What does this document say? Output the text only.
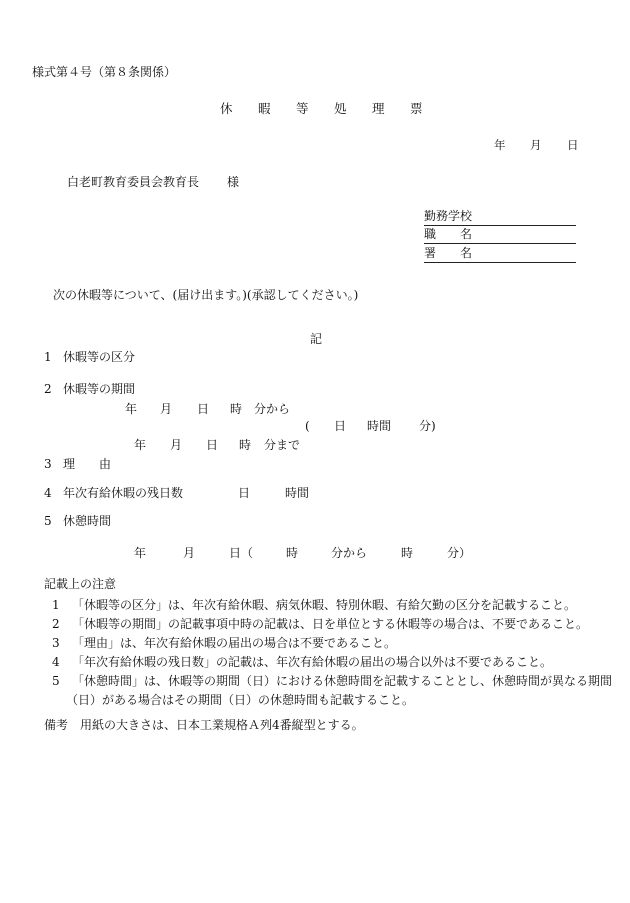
様式第４号（第８条関係）
休 暇 等 処 理 票
年 月 日
白老町教育委員会教育長 様
勤務学校
職　　名
署　　名
次の休暇等について、(届け出ます。)(承認してください。)
記
1 休暇等の区分
2 休暇等の期間
年 月 日 時 分から
( 日 時間 分)
年 月 日 時 分まで
3 理　　由
4 年次有給休暇の残日数	日	時間
5 休憩時間
年	月	日（	時	分から	時	分）
記載上の注意
1 「休暇等の区分」は、年次有給休暇、病気休暇、特別休暇、有給欠勤の区分を記載すること。
2 「休暇等の期間」の記載事項中時の記載は、日を単位とする休暇等の場合は、不要であること。
3 「理由」は、年次有給休暇の届出の場合は不要であること。
4 「年次有給休暇の残日数」の記載は、年次有給休暇の届出の場合以外は不要であること。
5 「休憩時間」は、休暇等の期間（日）における休憩時間を記載することとし、休憩時間が異なる期間
（日）がある場合はその期間（日）の休憩時間も記載すること。
備考　用紙の大きさは、日本工業規格Ａ列4番縦型とする。
